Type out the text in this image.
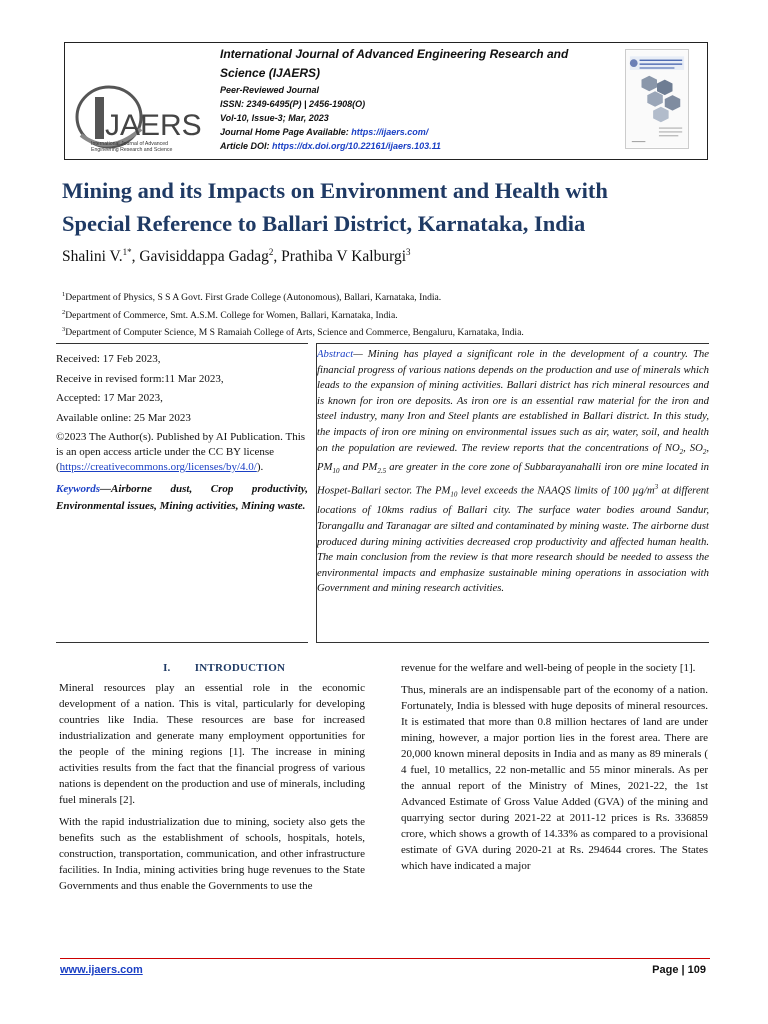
JAERS
International Journal of Advanced
Engineering Research and Science
International Journal of Advanced Engineering Research and
Science (IJAERS)
Peer-Reviewed Journal
ISSN: 2349-6495(P) | 2456-1908(O)
Vol-10, Issue-3; Mar, 2023
Journal Home Page Available: https://ijaers.com/
Article DOI: https://dx.doi.org/10.22161/ijaers.103.11
Mining and its Impacts on Environment and Health with
Special Reference to Ballari District, Karnataka, India
Shalini V.$^{1*}$, Gavisiddappa Gadag$^2$, Prathiba V Kalburgi$^3$
$^1$Department of Physics, S S A Govt. First Grade College (Autonomous), Ballari, Karnataka, India.
$^2$Department of Commerce, Smt. A.S.M. College for Women, Ballari, Karnataka, India.
$^3$Department of Computer Science, M S Ramaiah College of Arts, Science and Commerce, Bengaluru, Karnataka, India.
Received: 17 Feb 2023,
Receive in revised form:11 Mar 2023,
Accepted: 17 Mar 2023,
Available online: 25 Mar 2023
©2023 The Author(s). Published by AI Publication. This is an open access article under the CC BY license
(https://creativecommons.org/licenses/by/4.0/).
Keywords—Airborne dust, Crop productivity, Environmental issues, Mining activities, Mining waste.
Abstract— Mining has played a significant role in the development of a country. The financial progress of various nations depends on the production and use of minerals which leads to the expansion of mining activities. Ballari district has rich mineral resources and is known for iron ore deposits. As iron ore is an essential raw material for the iron and steel industry, many Iron and Steel plants are established in Ballari district. In this study, the impacts of iron ore mining on environmental issues such as air, water, soil, and health on the population are reviewed. The review reports that the concentrations of $NO_2$, $SO_2$, $PM_{10}$ and $PM_{2.5}$ are greater in the core zone of Subbarayanahalli iron ore mine located in Hospet-Ballari sector. The $PM_{10}$ level exceeds the NAAQS limits of 100 $\mu g/m^3$ at different locations of 10kms radius of Ballari city. The surface water bodies around Sandur, Torangallu and Taranagar are silted and contaminated by mining waste. The airborne dust produced during mining activities decreased crop productivity and affected human health. The main conclusion from the review is that more research should be needed to assess the environmental impacts and emphasize sustainable mining operations in association with Government and mining research activities.
I. INTRODUCTION

Mineral resources play an essential role in the economic development of a nation. This is vital, particularly for developing countries like India. These resources are base for increased industrialization and generate many employment opportunities for the people of the mining regions [1]. The increase in mining activities results from the fact that the financial progress of various nations is dependent on the production and use of minerals, including fuel minerals [2].

With the rapid industrialization due to mining, society also gets the benefits such as the establishment of schools, hospitals, hotels, construction, transportation, communication, and other infrastructure facilities. In India, mining activities bring huge revenues to the State Governments and thus enable the Governments to use the

revenue for the welfare and well-being of people in the society [1].

Thus, minerals are an indispensable part of the economy of a nation. Fortunately, India is blessed with huge deposits of mineral resources. It is estimated that more than 0.8 million hectares of land are under mining, however, a major portion lies in the forest area. There are 20,000 known mineral deposits in India and as many as 89 minerals ( 4 fuel, 10 metallics, 22 non-metallic and 55 minor minerals. As per the annual report of the Ministry of Mines, 2021-22, the 1st Advanced Estimate of Gross Value Added (GVA) of the mining and quarrying sector during 2021-22 at 2011-12 prices is Rs. 336859 crore, which shows a growth of 14.33% as compared to a provisional estimate of GVA during 2020-21 at Rs. 294644 crores. The States which have indicated a major

www.ijaers.com	Page | 109
